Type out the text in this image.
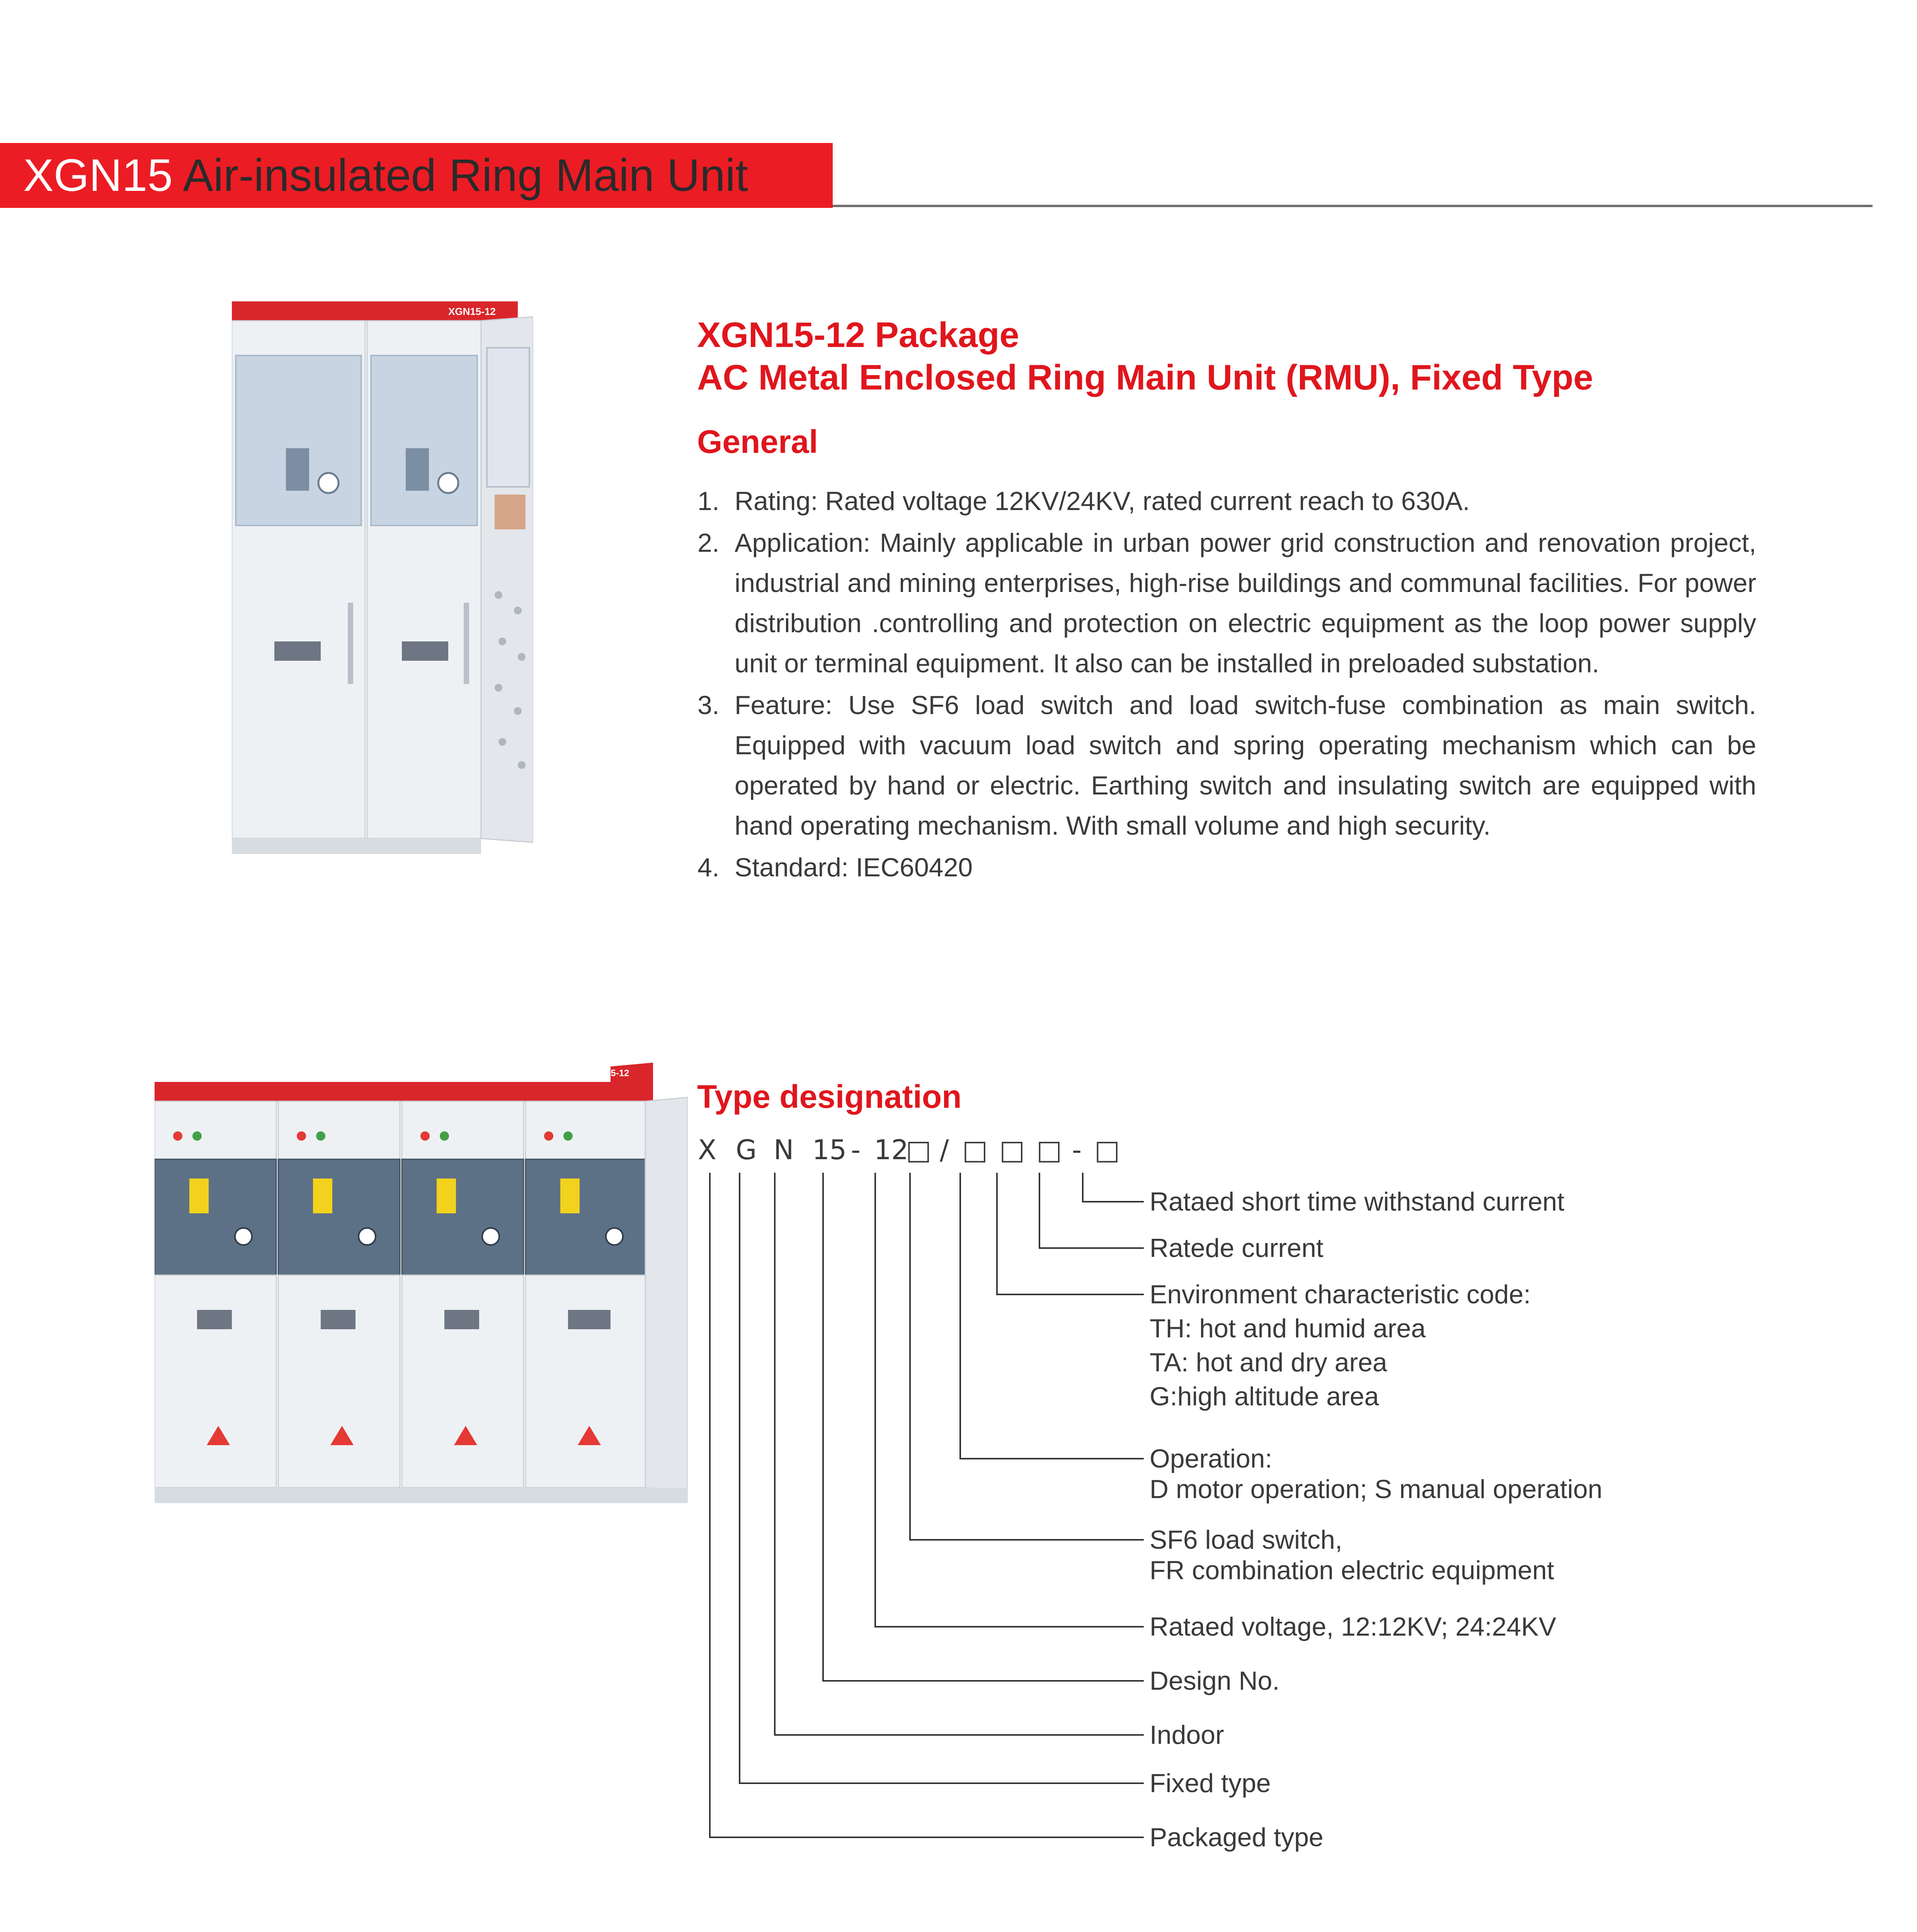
XGN15 Air-insulated Ring Main Unit
XGN15-12
XGN15-12
XGN15-12 Package
AC Metal Enclosed Ring Main Unit (RMU), Fixed Type
General
1. Rating: Rated voltage 12KV/24KV, rated current reach to 630A.
2. Application: Mainly applicable in urban power grid construction and renovation project, industrial and mining enterprises, high-rise buildings and communal facilities. For power distribution .controlling and protection on electric equipment as the loop power supply unit or terminal equipment. It also can be installed in preloaded substation.
3. Feature: Use SF6 load switch and load switch-fuse combination as main switch. Equipped with vacuum load switch and spring operating mechanism which can be operated by hand or electric. Earthing switch and insulating switch are equipped with hand operating mechanism. With small volume and high security.
4. Standard: IEC60420
Type designation
X G N 15 - 12
□ / □ □ □ - □
Rataed short time withstand current
Ratede current
Environment characteristic code:
TH: hot and humid area
TA: hot and dry area
G:high altitude area
Operation:
D motor operation; S manual operation
SF6 load switch,
FR combination electric equipment
Rataed voltage, 12:12KV; 24:24KV
Design No.
Indoor
Fixed type
Packaged type
